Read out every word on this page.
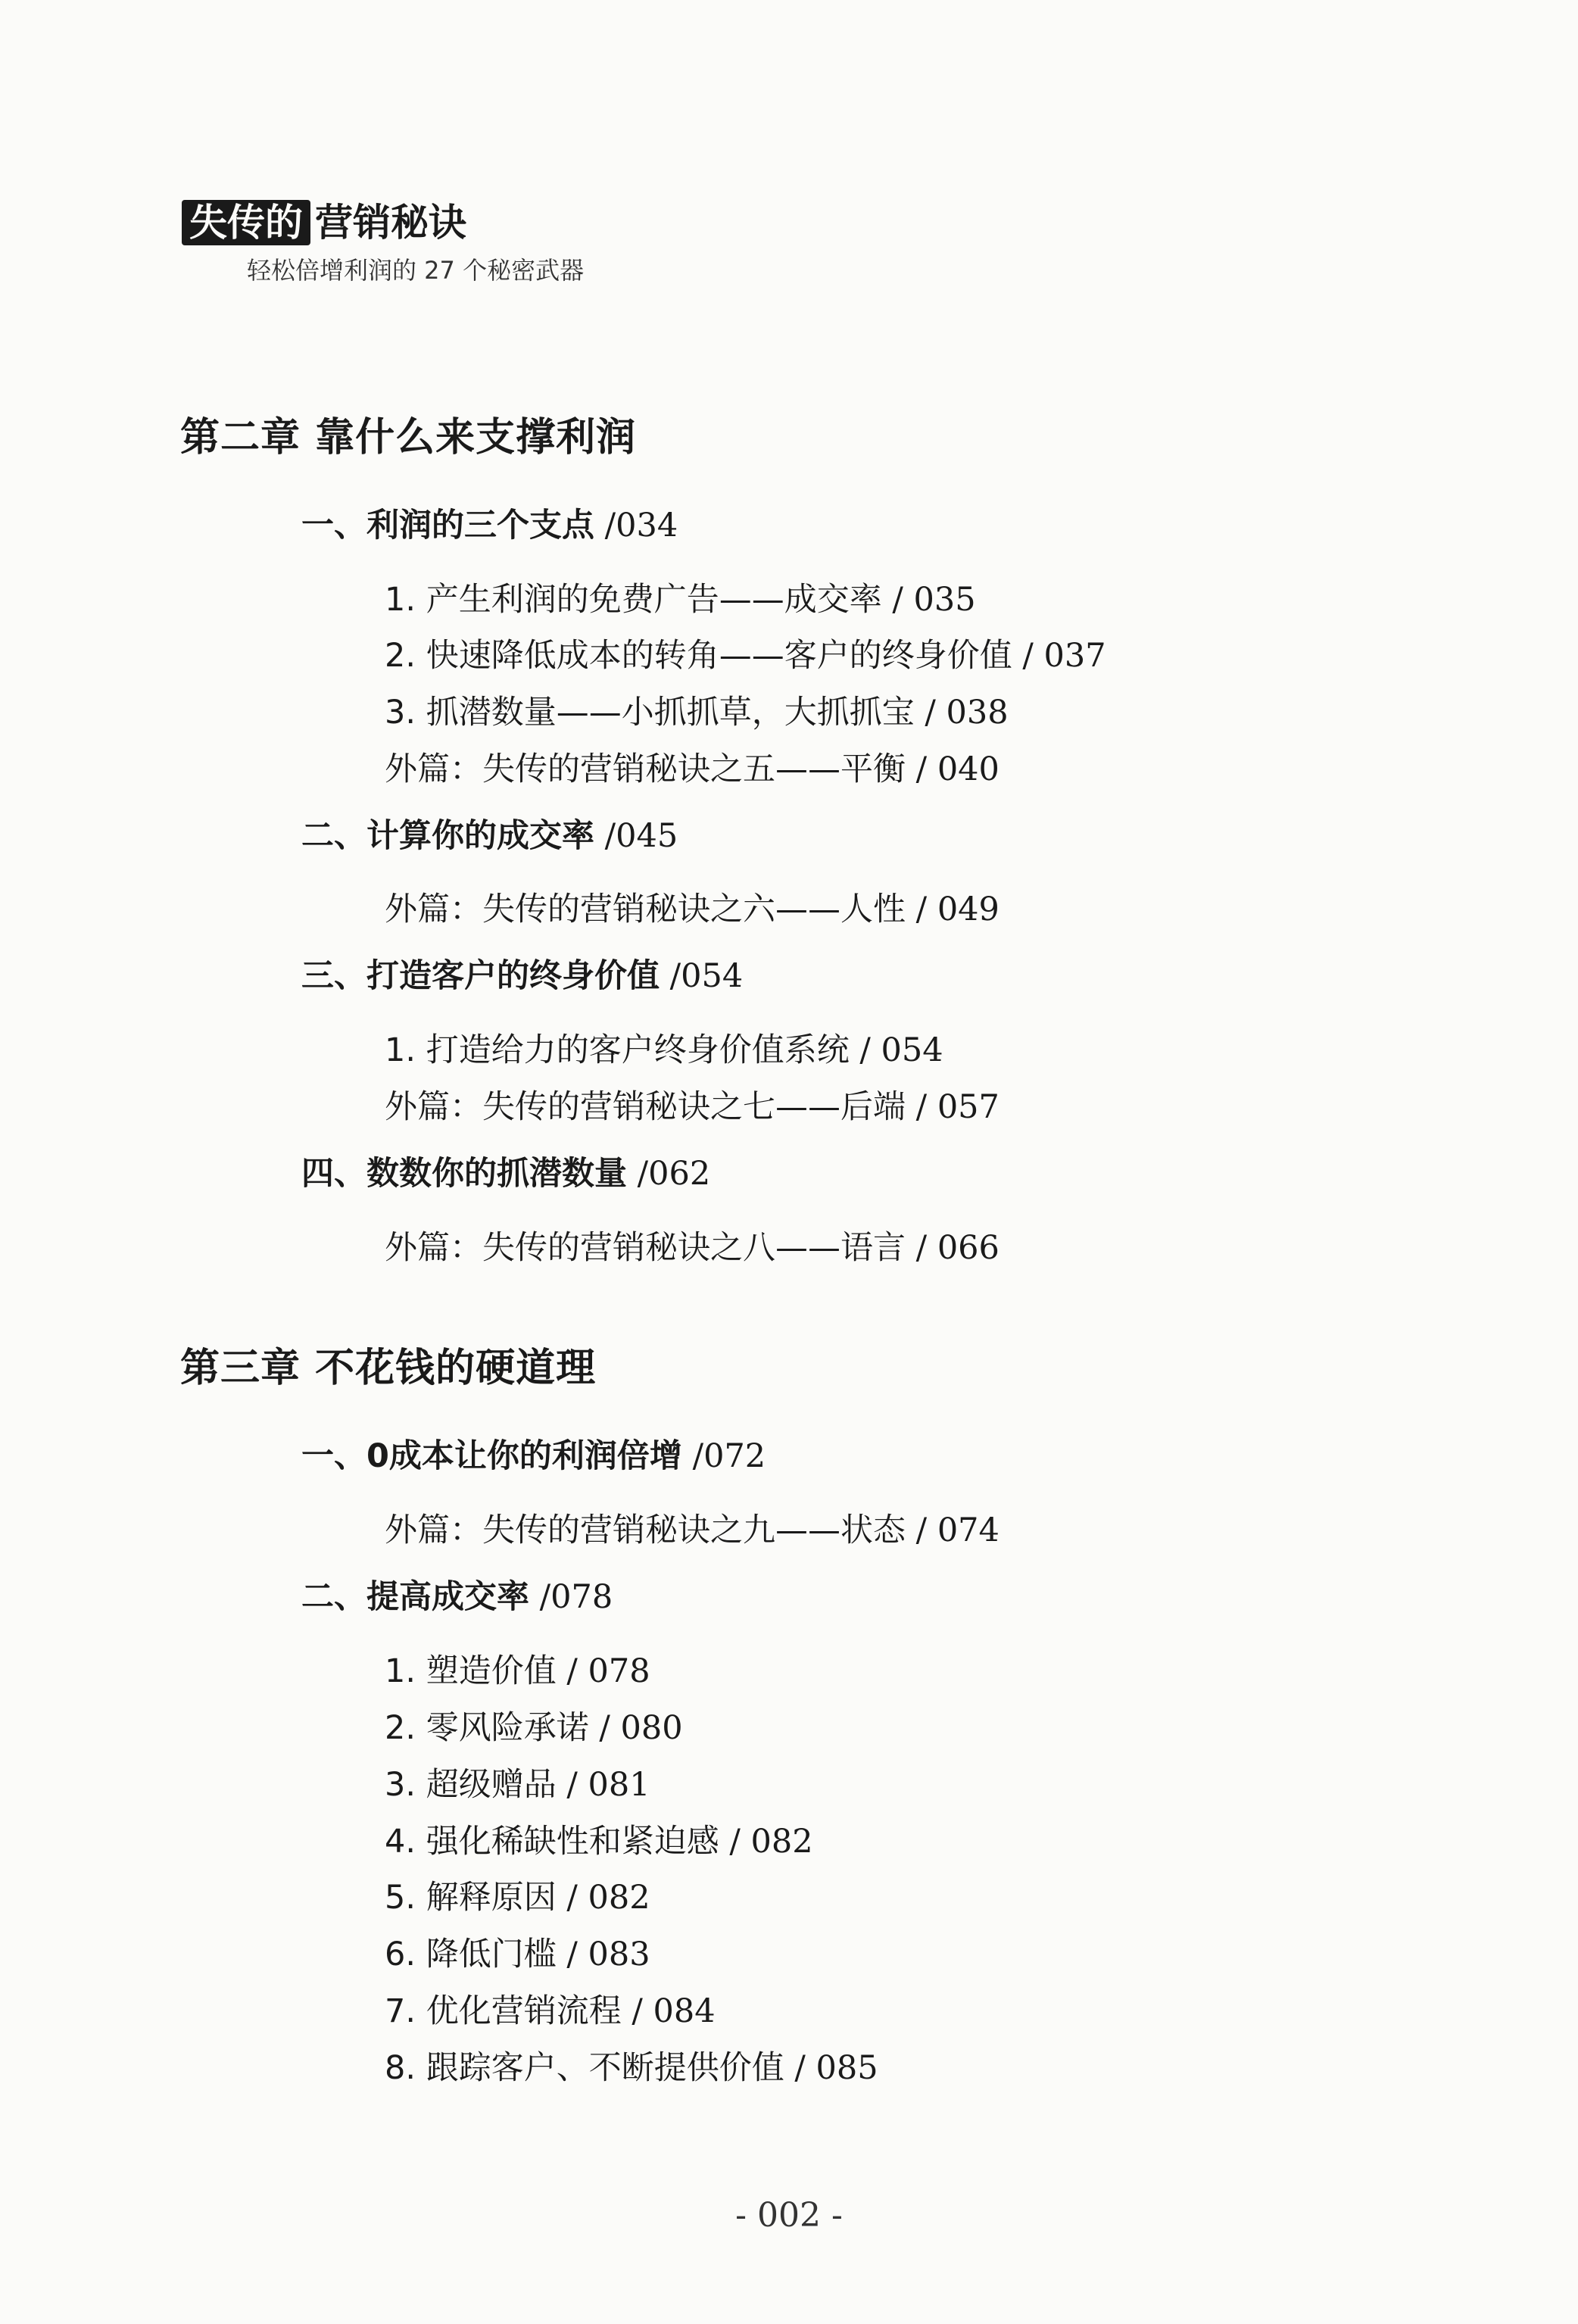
失传的 营销秘诀
轻松倍增利润的 27 个秘密武器
第二章 靠什么来支撑利润
一、利润的三个支点 /034
1. 产生利润的免费广告——成交率 / 035
2. 快速降低成本的转角——客户的终身价值 / 037
3. 抓潜数量——小抓抓草，大抓抓宝 / 038
外篇：失传的营销秘诀之五——平衡 / 040
二、计算你的成交率 /045
外篇：失传的营销秘诀之六——人性 / 049
三、打造客户的终身价值 /054
1. 打造给力的客户终身价值系统 / 054
外篇：失传的营销秘诀之七——后端 / 057
四、数数你的抓潜数量 /062
外篇：失传的营销秘诀之八——语言 / 066
第三章 不花钱的硬道理
一、0成本让你的利润倍增 /072
外篇：失传的营销秘诀之九——状态 / 074
二、提高成交率 /078
1. 塑造价值 / 078
2. 零风险承诺 / 080
3. 超级赠品 / 081
4. 强化稀缺性和紧迫感 / 082
5. 解释原因 / 082
6. 降低门槛 / 083
7. 优化营销流程 / 084
8. 跟踪客户、不断提供价值 / 085
- 002 -
